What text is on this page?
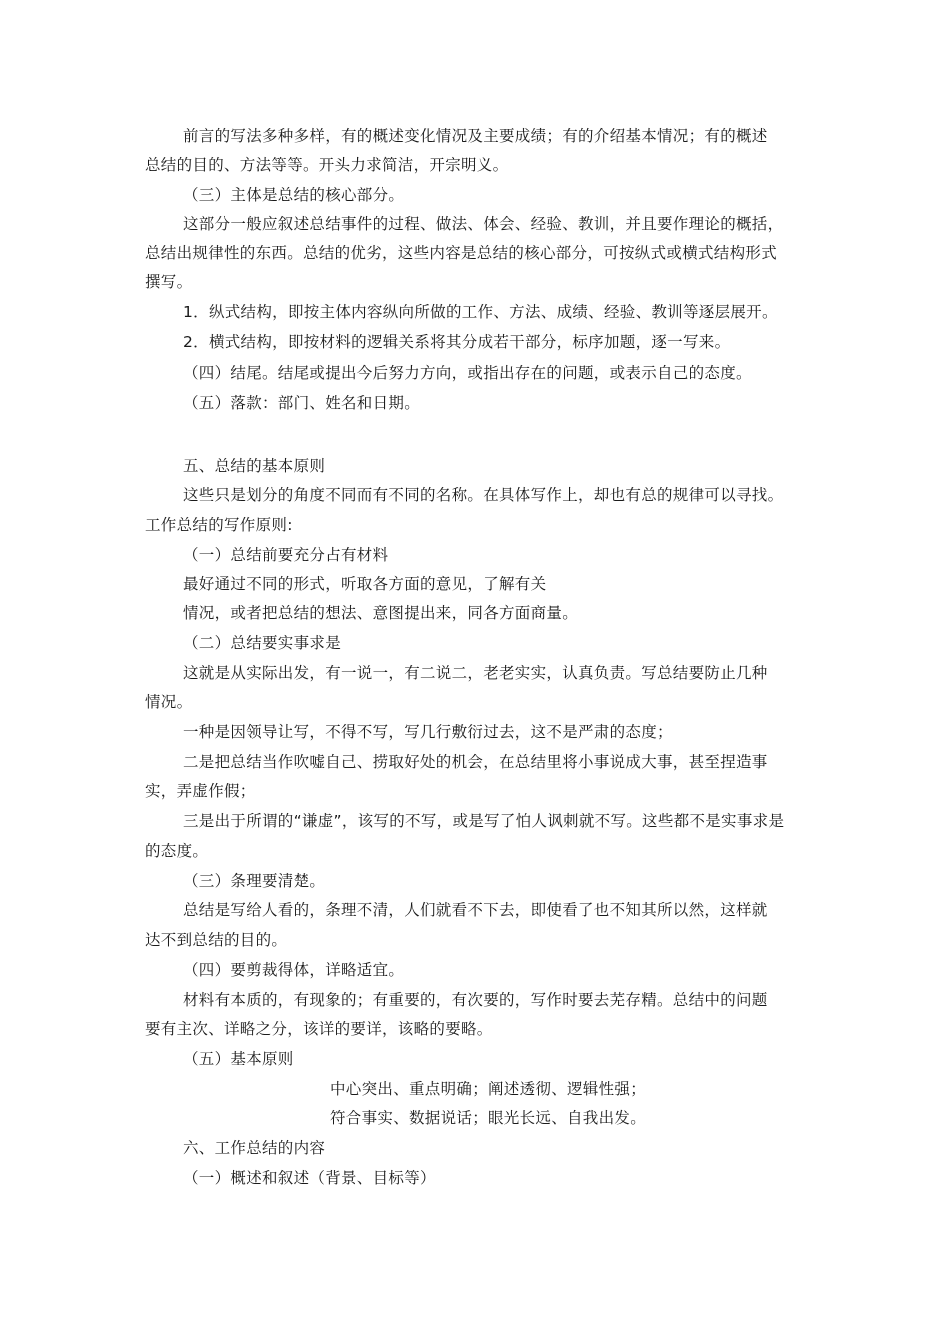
前言的写法多种多样，有的概述变化情况及主要成绩；有的介绍基本情况；有的概述

总结的目的、方法等等。开头力求简洁，开宗明义。

（三）主体是总结的核心部分。

这部分一般应叙述总结事件的过程、做法、体会、经验、教训，并且要作理论的概括，

总结出规律性的东西。总结的优劣，这些内容是总结的核心部分，可按纵式或横式结构形式

撰写。

1．纵式结构，即按主体内容纵向所做的工作、方法、成绩、经验、教训等逐层展开。

2．横式结构，即按材料的逻辑关系将其分成若干部分，标序加题，逐一写来。

（四）结尾。结尾或提出今后努力方向，或指出存在的问题，或表示自己的态度。

（五）落款：部门、姓名和日期。

五、总结的基本原则

这些只是划分的角度不同而有不同的名称。在具体写作上，却也有总的规律可以寻找。

工作总结的写作原则:

（一）总结前要充分占有材料

最好通过不同的形式，听取各方面的意见，了解有关

情况，或者把总结的想法、意图提出来，同各方面商量。

（二）总结要实事求是

这就是从实际出发，有一说一，有二说二，老老实实，认真负责。写总结要防止几种

情况。

一种是因领导让写，不得不写，写几行敷衍过去，这不是严肃的态度；

二是把总结当作吹嘘自己、捞取好处的机会，在总结里将小事说成大事，甚至捏造事

实，弄虚作假；

三是出于所谓的“谦虚”，该写的不写，或是写了怕人讽刺就不写。这些都不是实事求是

的态度。

（三）条理要清楚。

总结是写给人看的，条理不清，人们就看不下去，即使看了也不知其所以然，这样就

达不到总结的目的。

（四）要剪裁得体，详略适宜。

材料有本质的，有现象的；有重要的，有次要的，写作时要去芜存精。总结中的问题

要有主次、详略之分，该详的要详，该略的要略。

（五）基本原则

中心突出、重点明确；阐述透彻、逻辑性强；

符合事实、数据说话；眼光长远、自我出发。

六、工作总结的内容

（一）概述和叙述（背景、目标等）
